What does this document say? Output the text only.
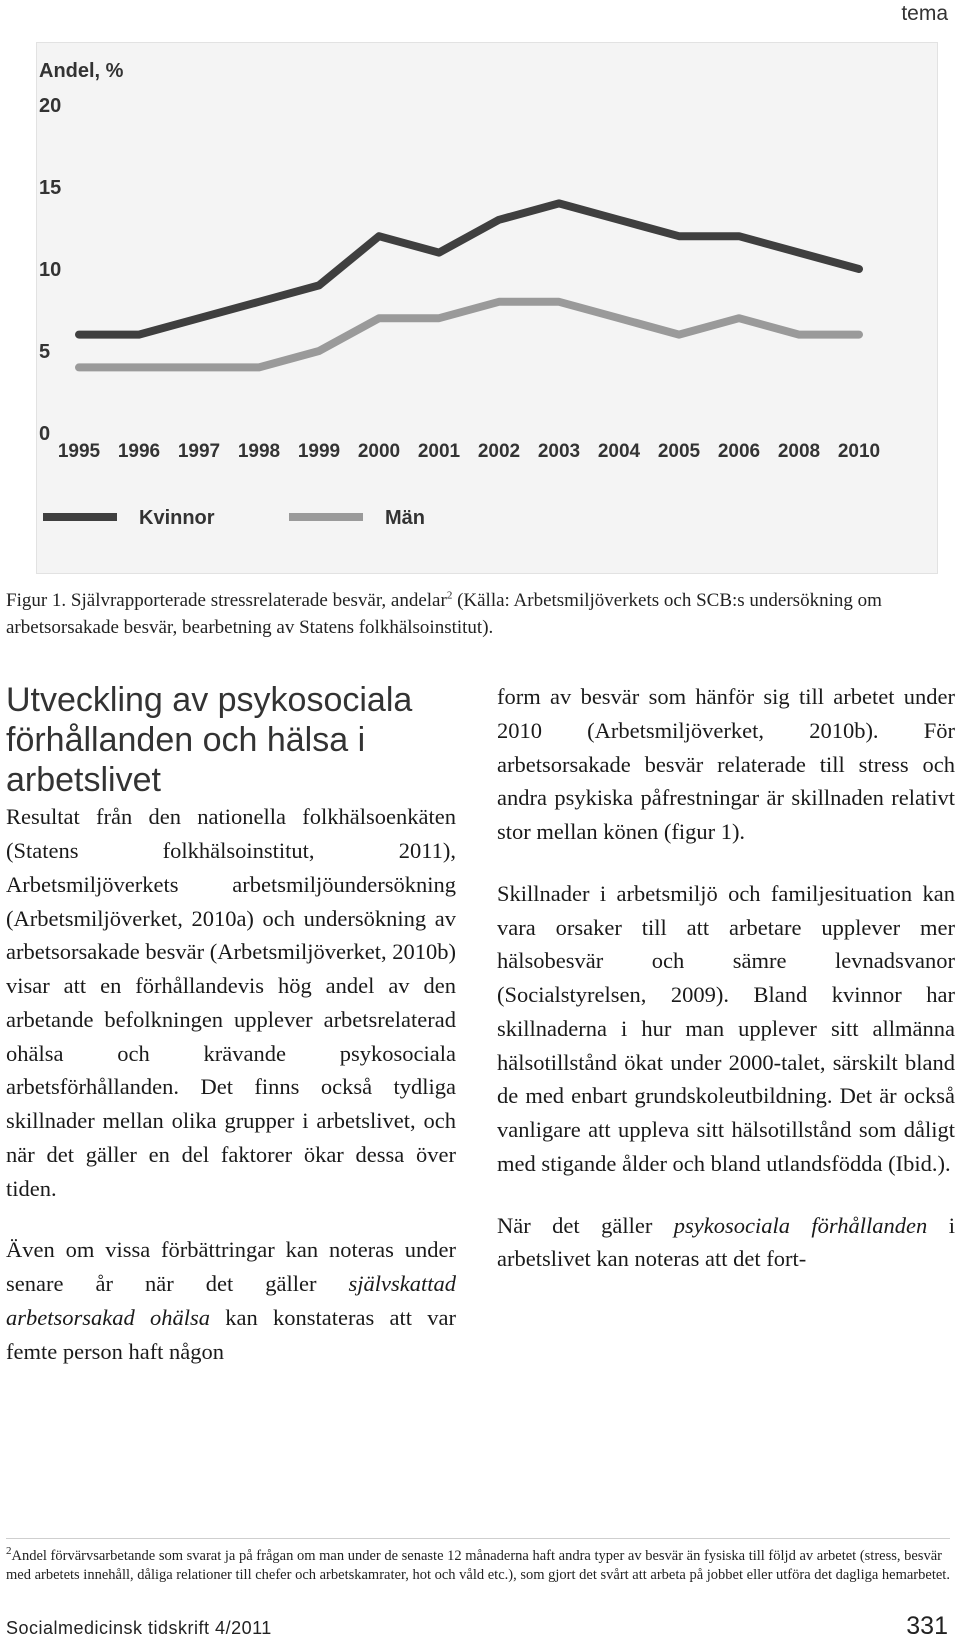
tema
Andel, %
0
5
10
15
20
1995 1996 1997 1998 1999 2000 2001 2002 2003 2004 2005 2006 2008 2010
Kvinnor	Män
Figur 1. Självrapporterade stressrelaterade besvär, andelar$^2$ (Källa: Arbetsmiljöverkets och SCB:s undersökning om arbetsorsakade besvär, bearbetning av Statens folkhälsoinstitut).
Utveckling av psykosociala förhållanden och hälsa i arbetslivet

Resultat från den nationella folkhälsoenkäten (Statens folkhälsoinstitut, 2011), Arbetsmiljöverkets arbetsmiljöundersökning (Arbetsmiljöverket, 2010a) och undersökning av arbetsorsakade besvär (Arbetsmiljöverket, 2010b) visar att en förhållandevis hög andel av den arbetande befolkningen upplever arbetsrelaterad ohälsa och krävande psykosociala arbetsförhållanden. Det finns också tydliga skillnader mellan olika grupper i arbetslivet, och när det gäller en del faktorer ökar dessa över tiden.

Även om vissa förbättringar kan noteras under senare år när det gäller självskattad arbetsorsakad ohälsa kan konstateras att var femte person haft någon

form av besvär som hänför sig till arbetet under 2010 (Arbetsmiljöverket, 2010b). För arbetsorsakade besvär relaterade till stress och andra psykiska påfrestningar är skillnaden relativt stor mellan könen (figur 1).

Skillnader i arbetsmiljö och familjesituation kan vara orsaker till att arbetare upplever mer hälsobesvär och sämre levnadsvanor (Socialstyrelsen, 2009). Bland kvinnor har skillnaderna i hur man upplever sitt allmänna hälsotillstånd ökat under 2000-talet, särskilt bland de med enbart grundskoleutbildning. Det är också vanligare att uppleva sitt hälsotillstånd som dåligt med stigande ålder och bland utlandsfödda (Ibid.).

När det gäller psykosociala förhållanden i arbetslivet kan noteras att det fort-

$^2$Andel förvärvsarbetande som svarat ja på frågan om man under de senaste 12 månaderna haft andra typer av besvär än fysiska till följd av arbetet (stress, besvär med arbetets innehåll, dåliga relationer till chefer och arbetskamrater, hot och våld etc.), som gjort det svårt att arbeta på jobbet eller utföra det dagliga hemarbetet.
Socialmedicinsk tidskrift 4/2011	331
